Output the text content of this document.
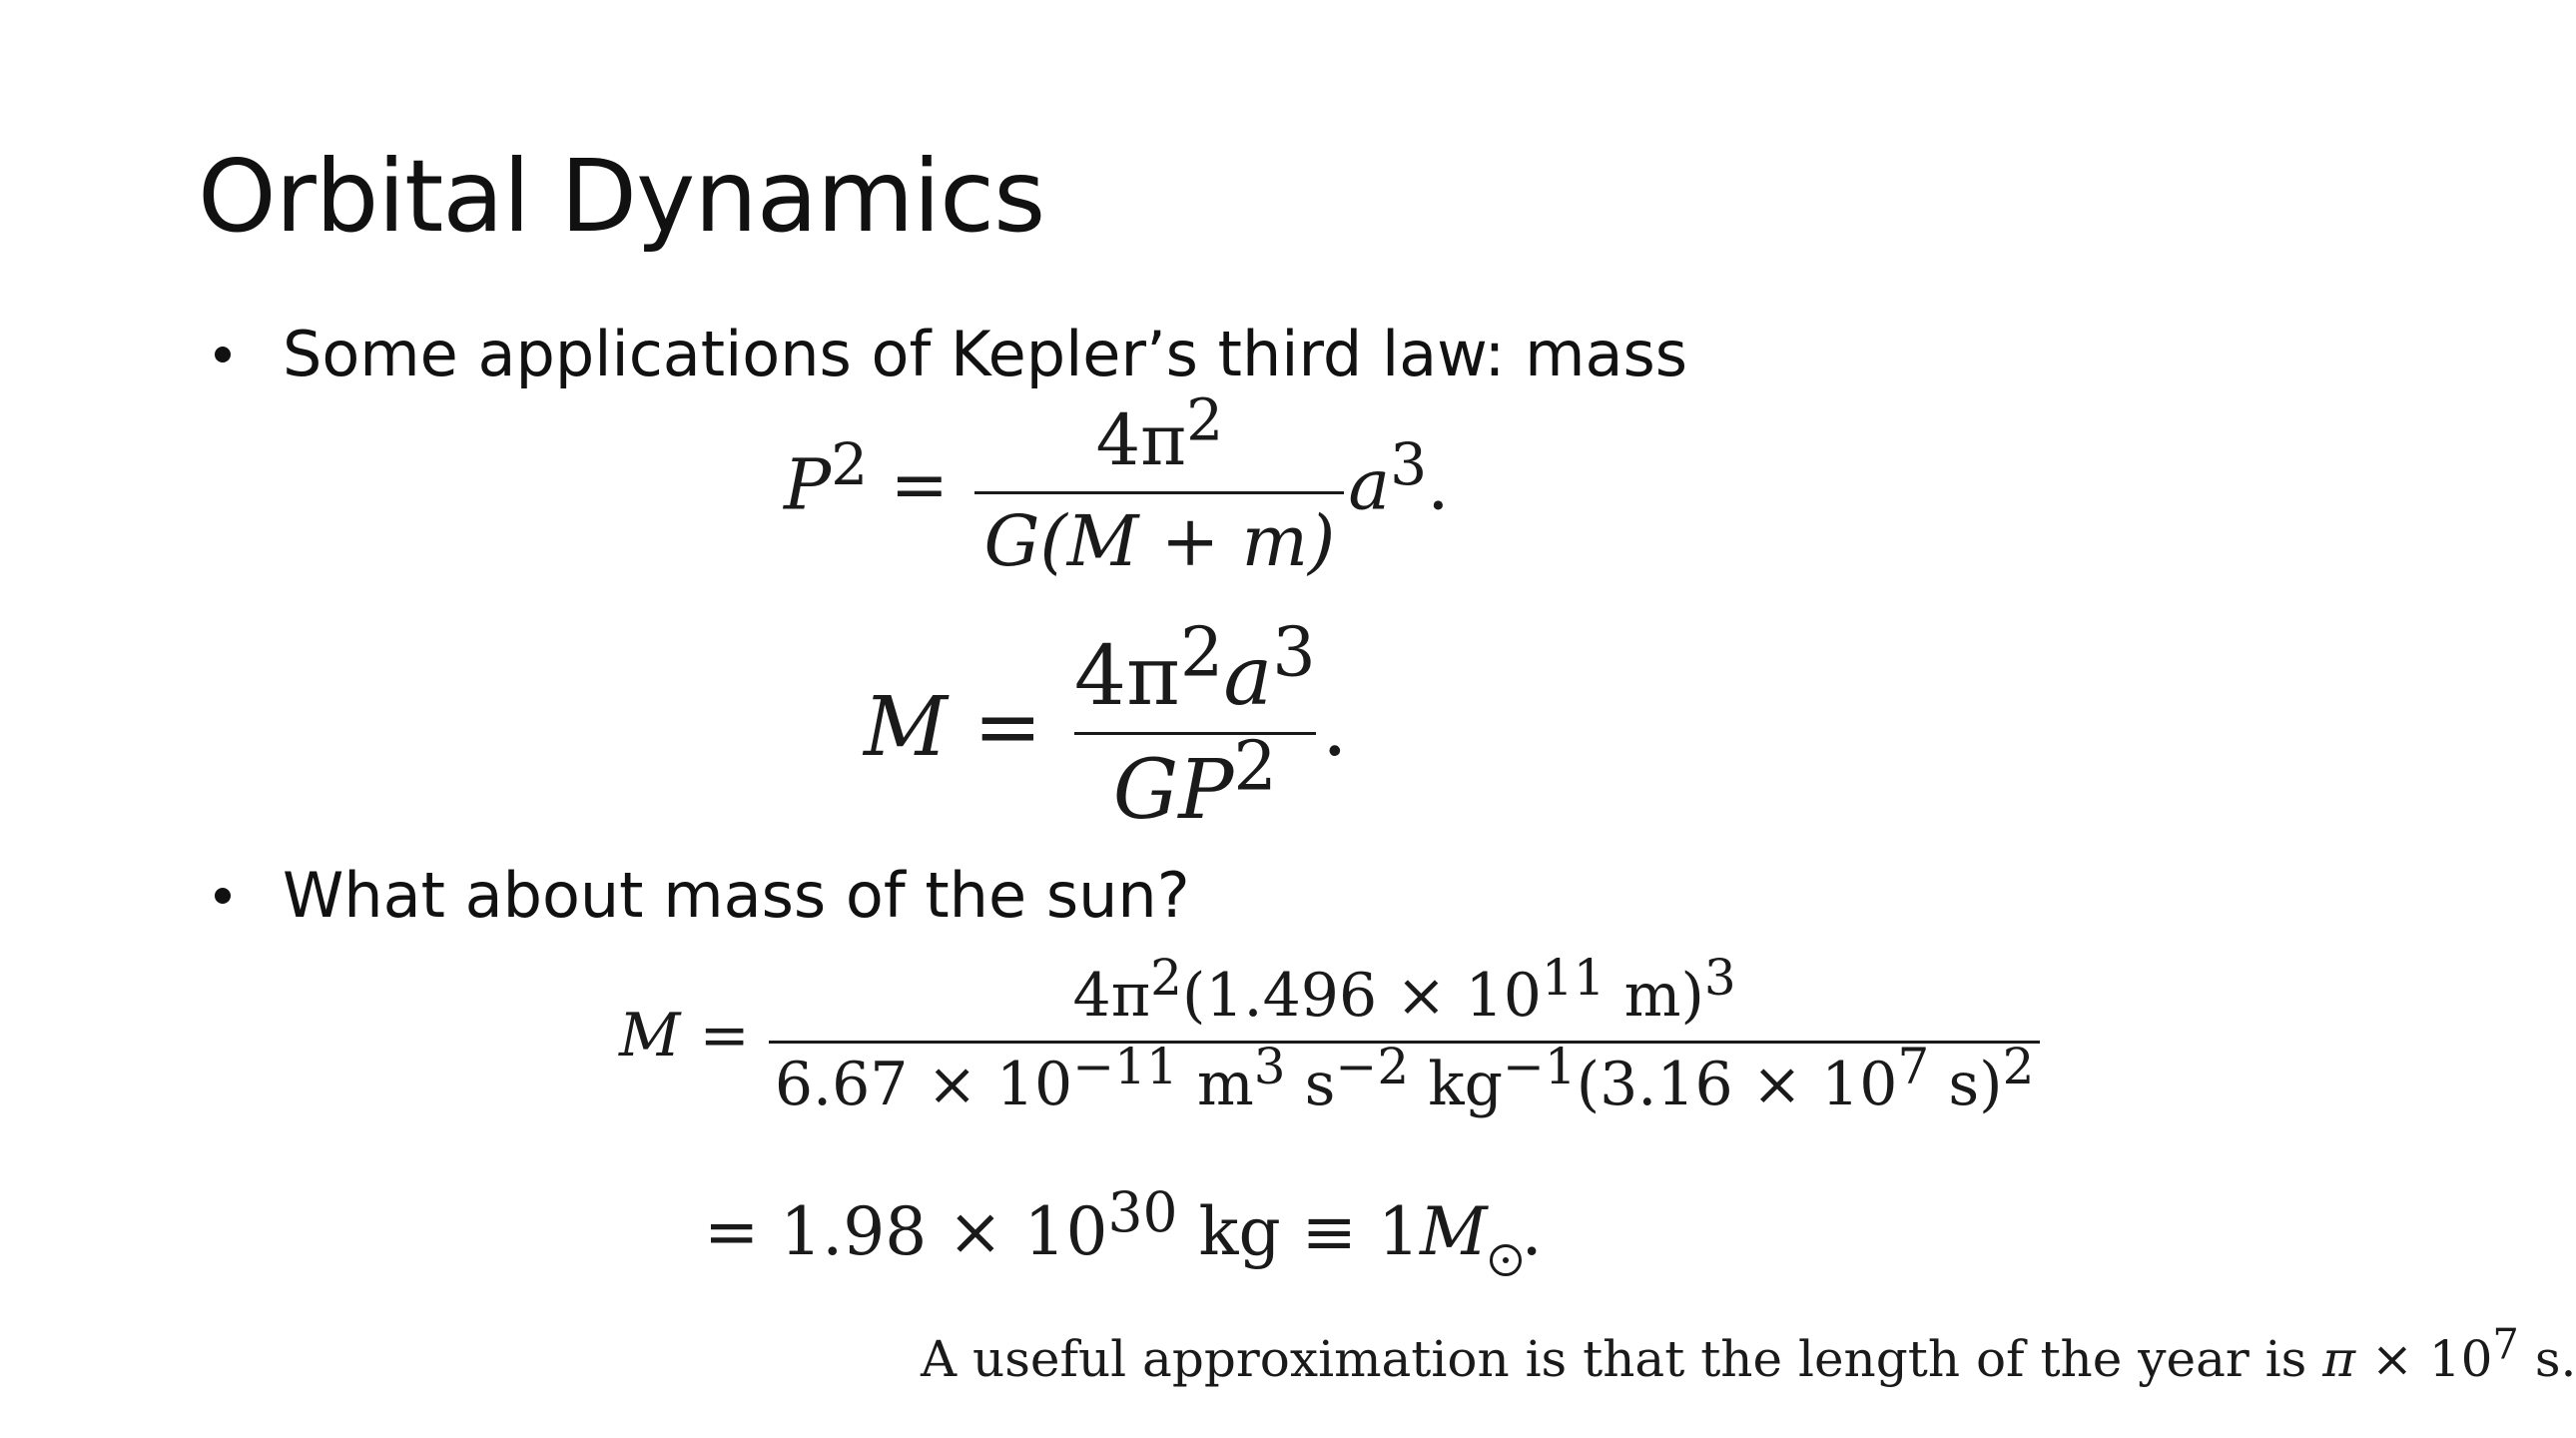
Orbital Dynamics
Some applications of Kepler’s third law: mass
$P^2 = \frac{4\pi^2}{G(M + m)} a^3$.
$M = \frac{4\pi^2a^3}{GP^2}$ .
What about mass of the sun?
$M = \frac{4\pi^2(1.496 \times 10^{11} m)^3}{6.67 \times 10^{-11} m^3 s^{-2} kg^{-1}(3.16 \times 10^7 s)^2}$
= $1.98 \times 10^{30}$ kg ≡ 1M .
A useful approximation is that the length of the year is $\pi \times 10^7$ s.
